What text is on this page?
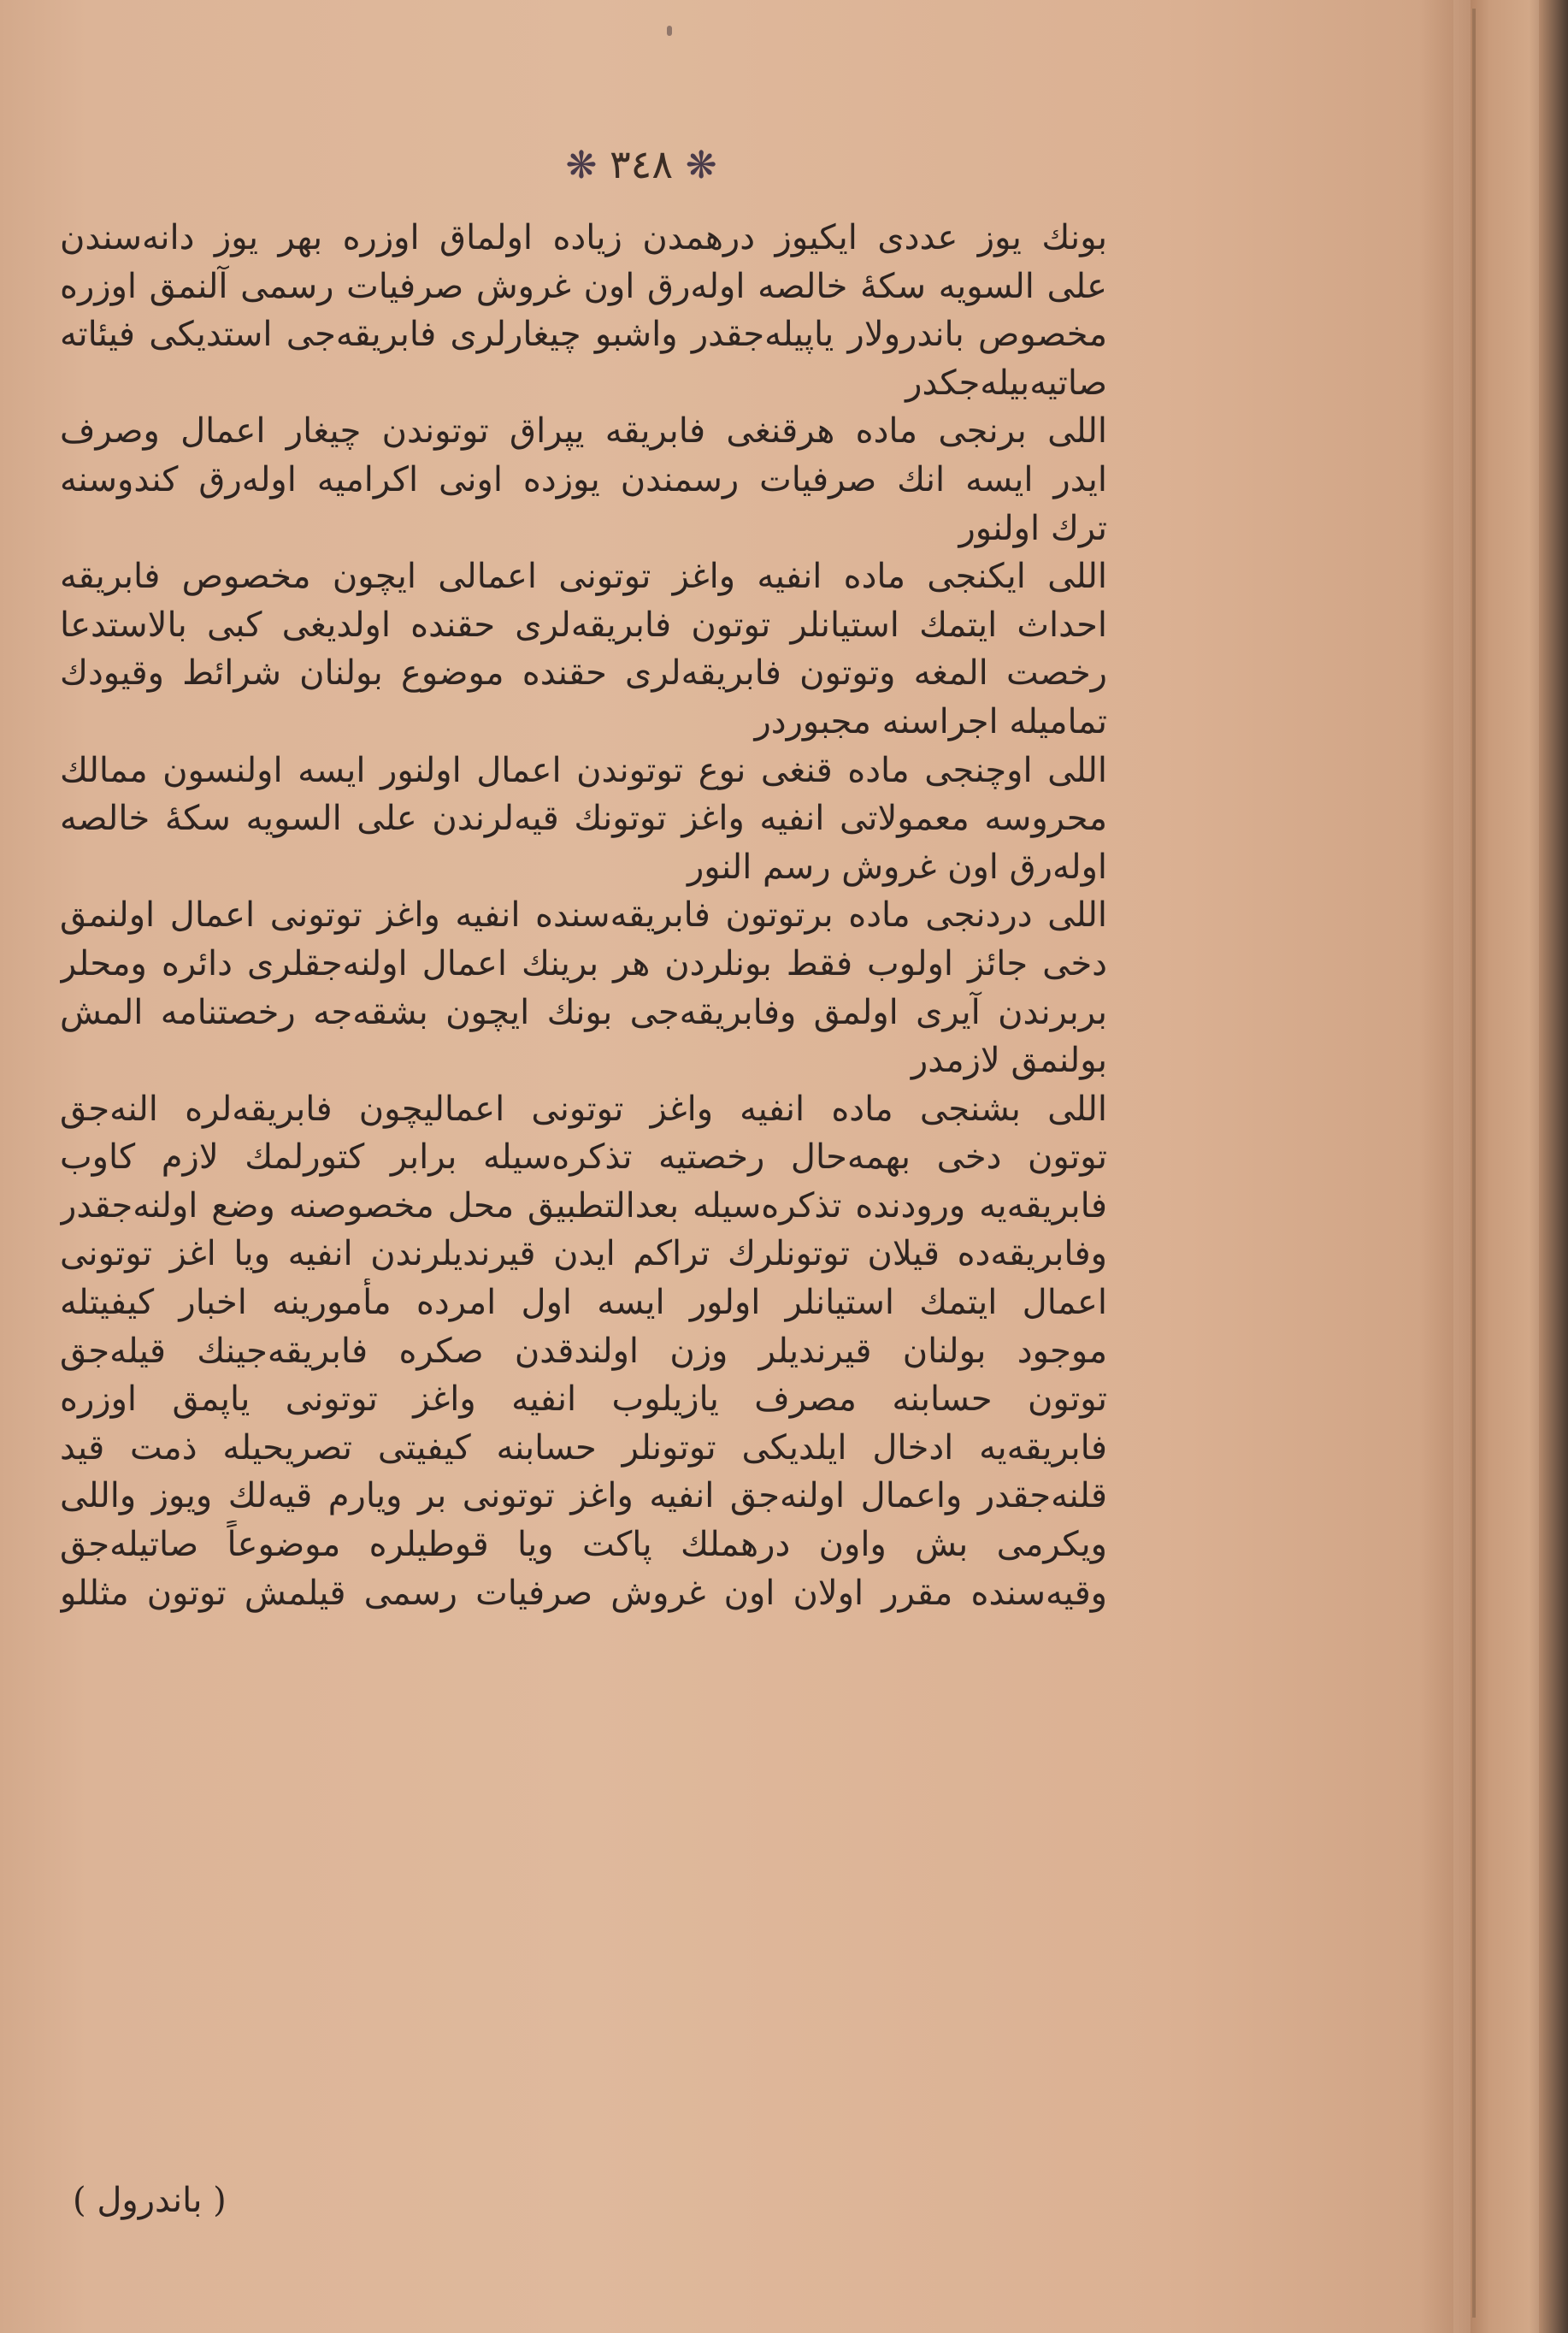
❋ ٣٤٨ ❋
بونك يوز عددى ايكيوز درهمدن زياده اولماق اوزره بهر يوز دانه‌سندن
على السويه سكهٔ خالصه اوله‌رق اون غروش صرفيات رسمى آلنمق اوزره
مخصوص باندرولار ياپيله‌جقدر واشبو چيغارلرى فابريقه‌جى استديكى فيئاته
صاتيه‌بيله‌جكدر
اللى برنجى ماده هرقنغى فابريقه يپراق توتوندن چيغار اعمال وصرف
ايدر ايسه انك صرفيات رسمندن يوزده اونى اكراميه اوله‌رق كندوسنه
ترك اولنور
اللى ايكنجى ماده انفيه واغز توتونى اعمالى ايچون مخصوص فابريقه
احداث ايتمك استيانلر توتون فابريقه‌لرى حقنده اولديغى كبى بالاستدعا
رخصت المغه وتوتون فابريقه‌لرى حقنده موضوع بولنان شرائط وقيودك
تماميله اجراسنه مجبوردر
اللى اوچنجى ماده قنغى نوع توتوندن اعمال اولنور ايسه اولنسون ممالك
محروسه معمولاتى انفيه واغز توتونك قيه‌لرندن على السويه سكهٔ خالصه
اوله‌رق اون غروش رسم النور
اللى دردنجى ماده برتوتون فابريقه‌سنده انفيه واغز توتونى اعمال اولنمق
دخى جائز اولوب فقط بونلردن هر برينك اعمال اولنه‌جقلرى دائره ومحلر
بربرندن آيرى اولمق وفابريقه‌جى بونك ايچون بشقه‌جه رخصتنامه المش
بولنمق لازمدر
اللى بشنجى ماده انفيه واغز توتونى اعماليچون فابريقه‌لره النه‌جق
توتون دخى بهمه‌حال رخصتيه تذكره‌سيله برابر كتورلمك لازم كاوب
فابريقه‌يه ورودنده تذكره‌سيله بعدالتطبيق محل مخصوصنه وضع اولنه‌جقدر
وفابريقه‌ده قيلان توتونلرك تراكم ايدن قيرنديلرندن انفيه ويا اغز توتونى
اعمال ايتمك استيانلر اولور ايسه اول امرده مأمورينه اخبار كيفيتله
موجود بولنان قيرنديلر وزن اولندقدن صكره فابريقه‌جينك قيله‌جق
توتون حسابنه مصرف يازيلوب انفيه واغز توتونى ياپمق اوزره
فابريقه‌يه ادخال ايلديكى توتونلر حسابنه كيفيتى تصريحيله ذمت قيد
قلنه‌جقدر واعمال اولنه‌جق انفيه واغز توتونى بر ويارم قيه‌لك ويوز واللى
ويكرمى بش واون درهملك پاكت ويا قوطيلره موضوعاً صاتيله‌جق
وقيه‌سنده مقرر اولان اون غروش صرفيات رسمى قيلمش توتون مثللو
( باندرول )
